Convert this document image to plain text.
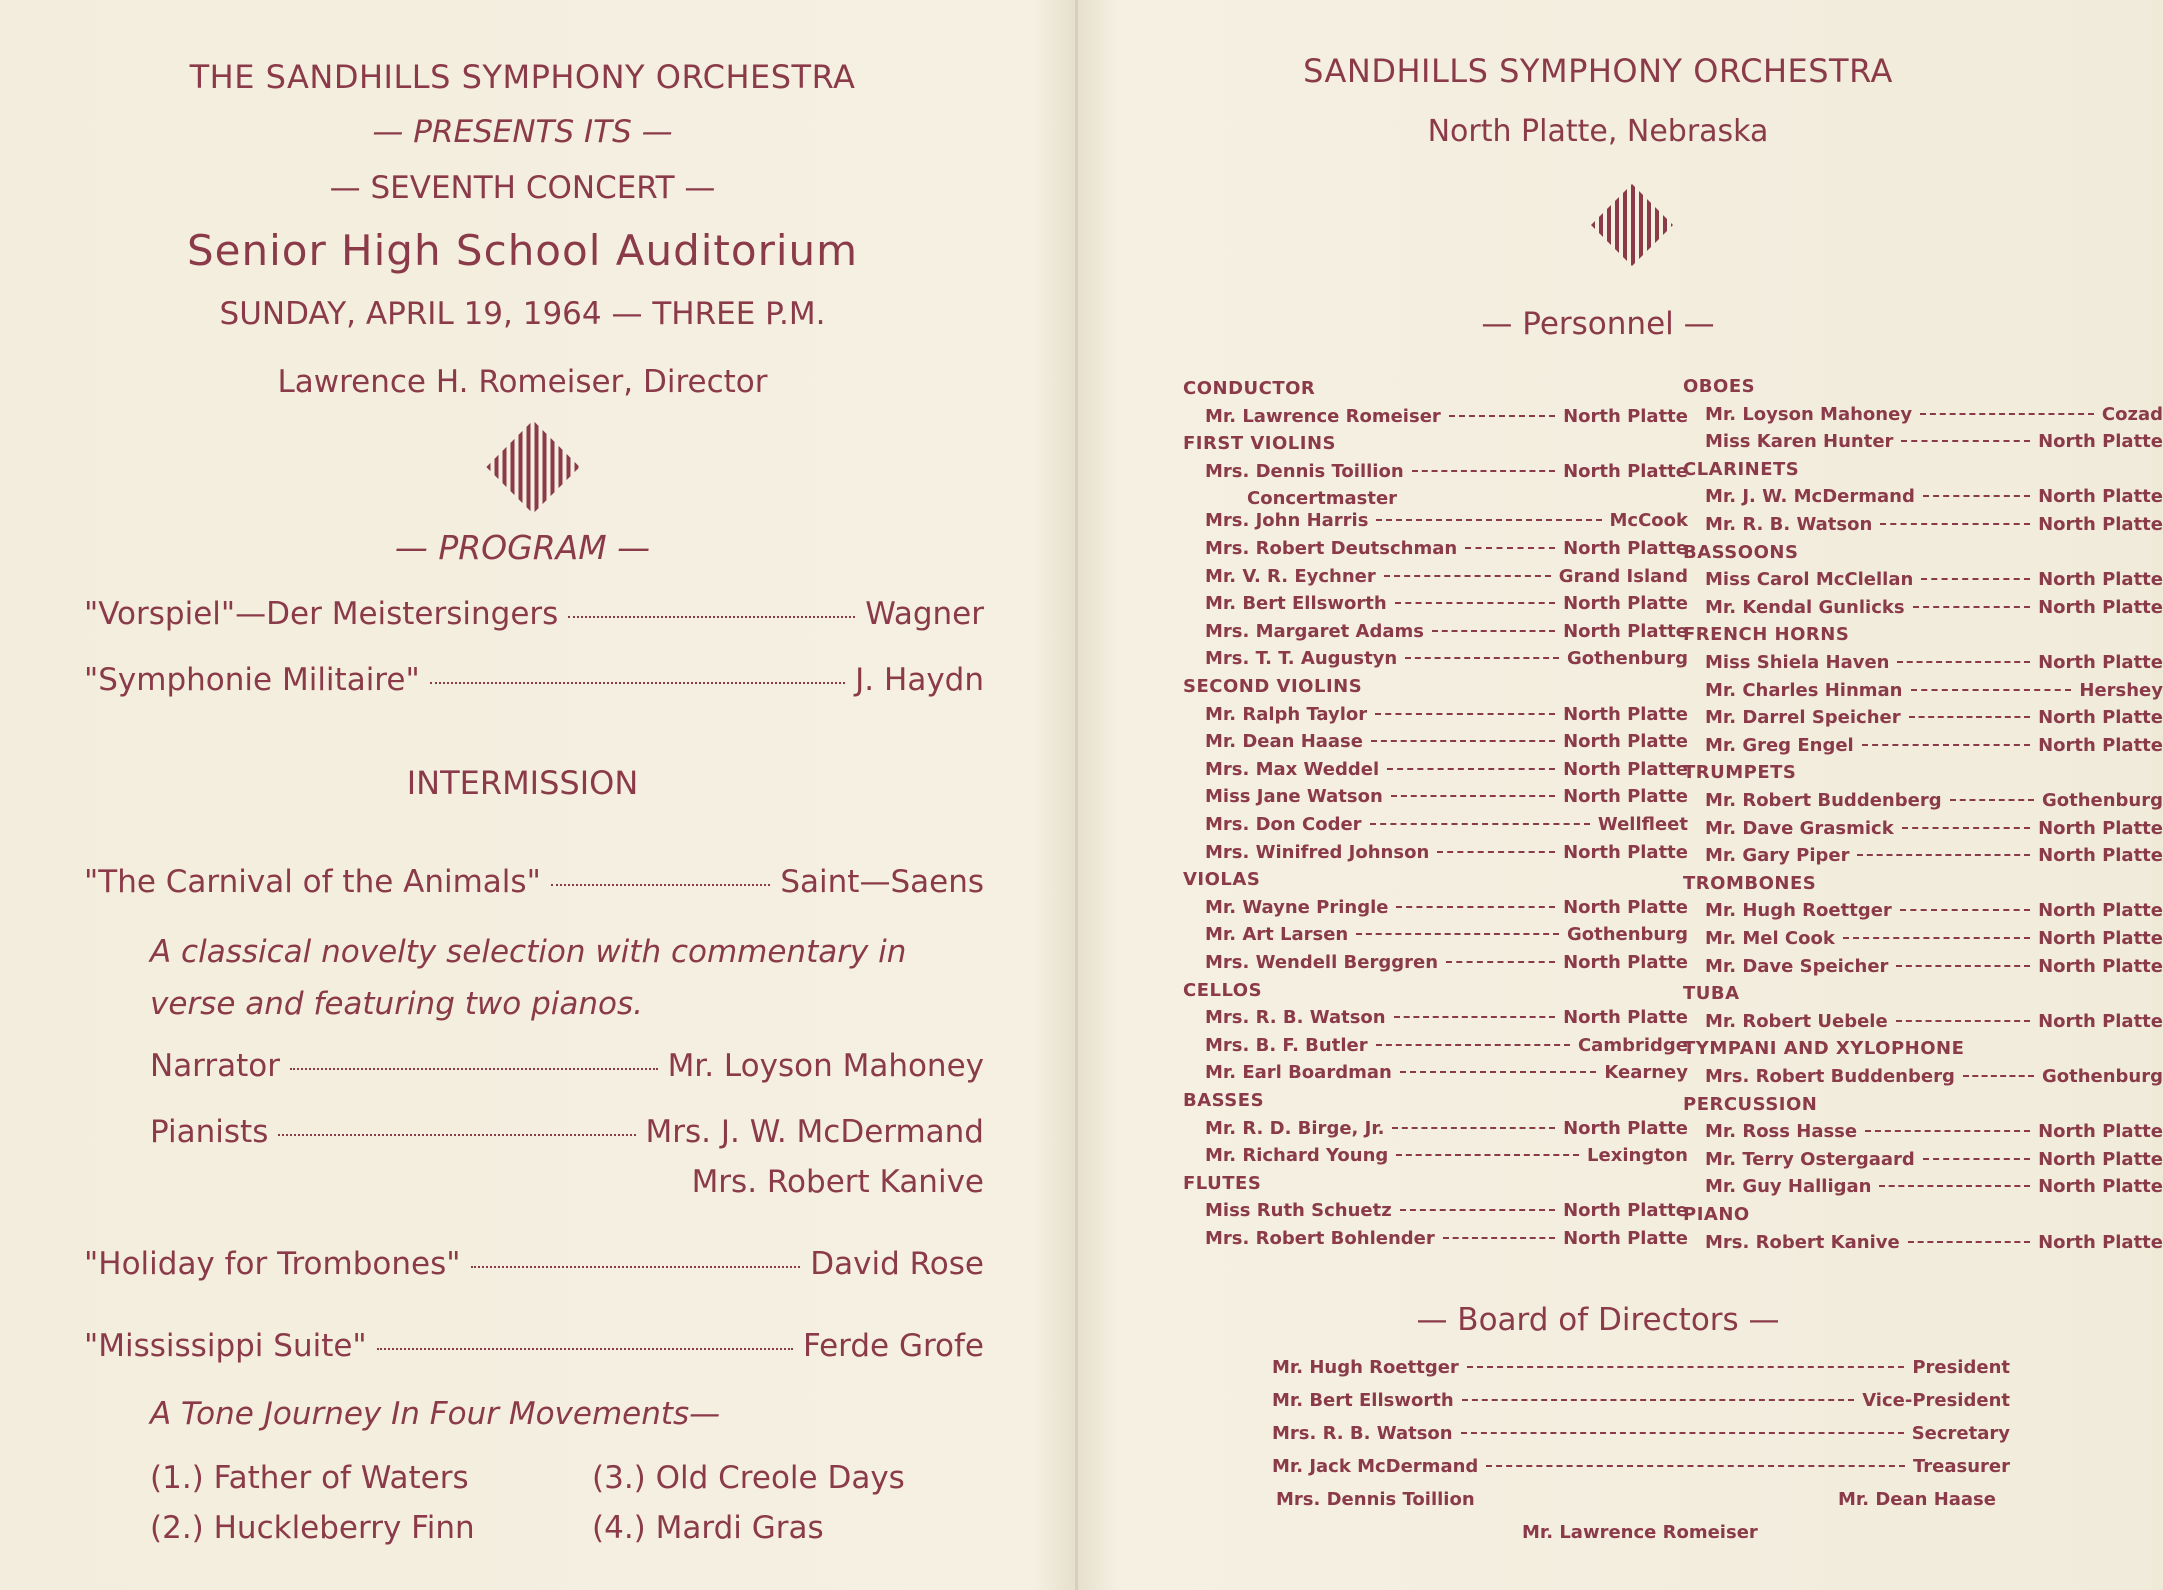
THE SANDHILLS SYMPHONY ORCHESTRA
— PRESENTS ITS —
— SEVENTH CONCERT —
Senior High School Auditorium
SUNDAY, APRIL 19, 1964 — THREE P.M.
Lawrence H. Romeiser, Director
— PROGRAM —
"Vorspiel"—Der Meistersingers	Wagner
"Symphonie Militaire"	J. Haydn
INTERMISSION
"The Carnival of the Animals"	Saint—Saens
A classical novelty selection with commentary in
verse and featuring two pianos.
Narrator	Mr. Loyson Mahoney
Pianists	Mrs. J. W. McDermand
Mrs. Robert Kanive
"Holiday for Trombones"	David Rose
"Mississippi Suite"	Ferde Grofe
A Tone Journey In Four Movements—
(1.) Father of Waters
(2.) Huckleberry Finn
(3.) Old Creole Days
(4.) Mardi Gras
SANDHILLS SYMPHONY ORCHESTRA
North Platte, Nebraska
— Personnel —
CONDUCTOR
Mr. Lawrence Romeiser	North Platte
FIRST VIOLINS
Mrs. Dennis Toillion	North Platte
Concertmaster
Mrs. John Harris	McCook
Mrs. Robert Deutschman	North Platte
Mr. V. R. Eychner	Grand Island
Mr. Bert Ellsworth	North Platte
Mrs. Margaret Adams	North Platte
Mrs. T. T. Augustyn	Gothenburg
SECOND VIOLINS
Mr. Ralph Taylor	North Platte
Mr. Dean Haase	North Platte
Mrs. Max Weddel	North Platte
Miss Jane Watson	North Platte
Mrs. Don Coder	Wellfleet
Mrs. Winifred Johnson	North Platte
VIOLAS
Mr. Wayne Pringle	North Platte
Mr. Art Larsen	Gothenburg
Mrs. Wendell Berggren	North Platte
CELLOS
Mrs. R. B. Watson	North Platte
Mrs. B. F. Butler	Cambridge
Mr. Earl Boardman	Kearney
BASSES
Mr. R. D. Birge, Jr.	North Platte
Mr. Richard Young	Lexington
FLUTES
Miss Ruth Schuetz	North Platte
Mrs. Robert Bohlender	North Platte
OBOES
Mr. Loyson Mahoney	Cozad
Miss Karen Hunter	North Platte
CLARINETS
Mr. J. W. McDermand	North Platte
Mr. R. B. Watson	North Platte
BASSOONS
Miss Carol McClellan	North Platte
Mr. Kendal Gunlicks	North Platte
FRENCH HORNS
Miss Shiela Haven	North Platte
Mr. Charles Hinman	Hershey
Mr. Darrel Speicher	North Platte
Mr. Greg Engel	North Platte
TRUMPETS
Mr. Robert Buddenberg	Gothenburg
Mr. Dave Grasmick	North Platte
Mr. Gary Piper	North Platte
TROMBONES
Mr. Hugh Roettger	North Platte
Mr. Mel Cook	North Platte
Mr. Dave Speicher	North Platte
TUBA
Mr. Robert Uebele	North Platte
TYMPANI AND XYLOPHONE
Mrs. Robert Buddenberg	Gothenburg
PERCUSSION
Mr. Ross Hasse	North Platte
Mr. Terry Ostergaard	North Platte
Mr. Guy Halligan	North Platte
PIANO
Mrs. Robert Kanive	North Platte
— Board of Directors —
Mr. Hugh Roettger	President
Mr. Bert Ellsworth	Vice-President
Mrs. R. B. Watson	Secretary
Mr. Jack McDermand	Treasurer
Mrs. Dennis Toillion	Mr. Dean Haase
Mr. Lawrence Romeiser
